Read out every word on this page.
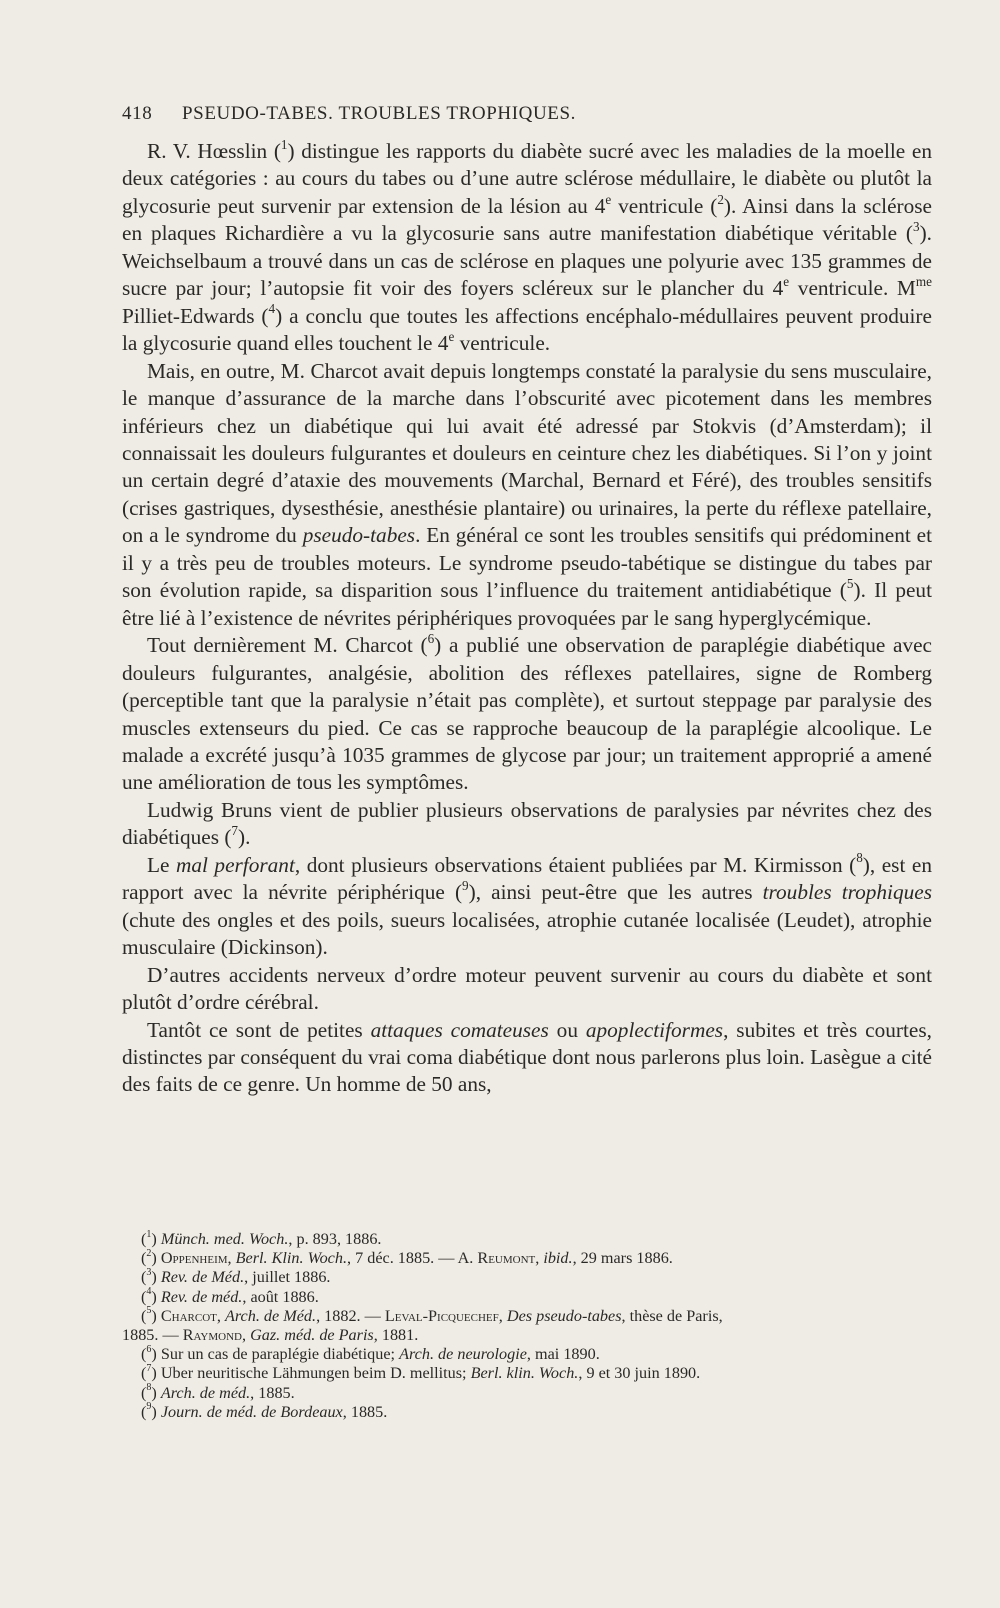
418 PSEUDO-TABES. TROUBLES TROPHIQUES.

R. V. Hœsslin ($^1$) distingue les rapports du diabète sucré avec les maladies de la moelle en deux catégories : au cours du tabes ou d’une autre sclérose médullaire, le diabète ou plutôt la glycosurie peut survenir par extension de la lésion au 4e ventricule ($^2$). Ainsi dans la sclérose en plaques Richardière a vu la glycosurie sans autre manifestation diabétique véritable ($^3$). Weichselbaum a trouvé dans un cas de sclérose en plaques une polyurie avec 135 grammes de sucre par jour; l’autopsie fit voir des foyers scléreux sur le plancher du 4e ventricule. $M^{me}$ Pilliet-Edwards ($^4$) a conclu que toutes les affections encéphalo-médullaires peuvent produire la glycosurie quand elles touchent le 4e ventricule.

Mais, en outre, M. Charcot avait depuis longtemps constaté la paralysie du sens musculaire, le manque d’assurance de la marche dans l’obscurité avec picotement dans les membres inférieurs chez un diabétique qui lui avait été adressé par Stokvis (d’Amsterdam); il connaissait les douleurs fulgurantes et douleurs en ceinture chez les diabétiques. Si l’on y joint un certain degré d’ataxie des mouvements (Marchal, Bernard et Féré), des troubles sensitifs (crises gastriques, dysesthésie, anesthésie plantaire) ou urinaires, la perte du réflexe patellaire, on a le syndrome du pseudo-tabes. En général ce sont les troubles sensitifs qui prédominent et il y a très peu de troubles moteurs. Le syndrome pseudo-tabétique se distingue du tabes par son évolution rapide, sa disparition sous l’influence du traitement antidiabétique ($^5$). Il peut être lié à l’existence de névrites périphériques provoquées par le sang hyperglycémique.

Tout dernièrement M. Charcot ($^6$) a publié une observation de paraplégie diabétique avec douleurs fulgurantes, analgésie, abolition des réflexes patellaires, signe de Romberg (perceptible tant que la paralysie n’était pas complète), et surtout steppage par paralysie des muscles extenseurs du pied. Ce cas se rapproche beaucoup de la paraplégie alcoolique. Le malade a excrété jusqu’à 1035 grammes de glycose par jour; un traitement approprié a amené une amélioration de tous les symptômes.

Ludwig Bruns vient de publier plusieurs observations de paralysies par névrites chez des diabétiques ($^7$).

Le mal perforant, dont plusieurs observations étaient publiées par M. Kirmisson ($^8$), est en rapport avec la névrite périphérique ($^9$), ainsi peut-être que les autres troubles trophiques (chute des ongles et des poils, sueurs localisées, atrophie cutanée localisée (Leudet), atrophie musculaire (Dickinson).

D’autres accidents nerveux d’ordre moteur peuvent survenir au cours du diabète et sont plutôt d’ordre cérébral.

Tantôt ce sont de petites attaques comateuses ou apoplectiformes, subites et très courtes, distinctes par conséquent du vrai coma diabétique dont nous parlerons plus loin. Lasègue a cité des faits de ce genre. Un homme de 50 ans,

($^1$) Münch. med. Woch., p. 893, 1886.

($^2$) Oppenheim, Berl. Klin. Woch., 7 déc. 1885. — A. Reumont, ibid., 29 mars 1886.

($^3$) Rev. de Méd., juillet 1886.

($^4$) Rev. de méd., août 1886.

($^5$) Charcot, Arch. de Méd., 1882. — Leval-Picquechef, Des pseudo-tabes, thèse de Paris,

1885. — Raymond, Gaz. méd. de Paris, 1881.

($^6$) Sur un cas de paraplégie diabétique; Arch. de neurologie, mai 1890.

($^7$) Uber neuritische Lähmungen beim D. mellitus; Berl. klin. Woch., 9 et 30 juin 1890.

($^8$) Arch. de méd., 1885.

($^9$) Journ. de méd. de Bordeaux, 1885.
